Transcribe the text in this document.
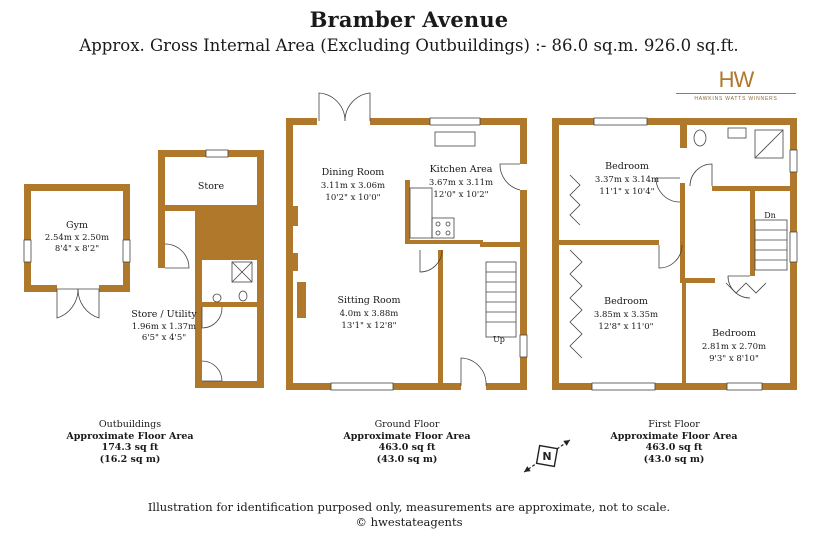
Bramber Avenue
Approx. Gross Internal Area (Excluding Outbuildings) :- 86.0 sq.m. 926.0 sq.ft.
HW
HAWKINS WATTS WINNERS
Gym
2.54m x 2.50m
8'4" x 8'2"
Store
Store / Utility
1.96m x 1.37m
6'5" x 4'5"
Dining Room
3.11m x 3.06m
10'2" x 10'0"
Kitchen Area
3.67m x 3.11m
12'0" x 10'2"
Sitting Room
4.0m x 3.88m
13'1" x 12'8"
Bedroom
3.37m x 3.14m
11'1" x 10'4"
Bedroom
3.85m x 3.35m
12'8" x 11'0"
Bedroom
2.81m x 2.70m
9'3" x 8'10"
Up
Dn
N
Outbuildings
Approximate Floor Area
174.3 sq ft
(16.2 sq m)
Ground Floor
Approximate Floor Area
463.0 sq ft
(43.0 sq m)
First Floor
Approximate Floor Area
463.0 sq ft
(43.0 sq m)
Illustration for identification purposed only, measurements are approximate, not to scale.
© hwestateagents
